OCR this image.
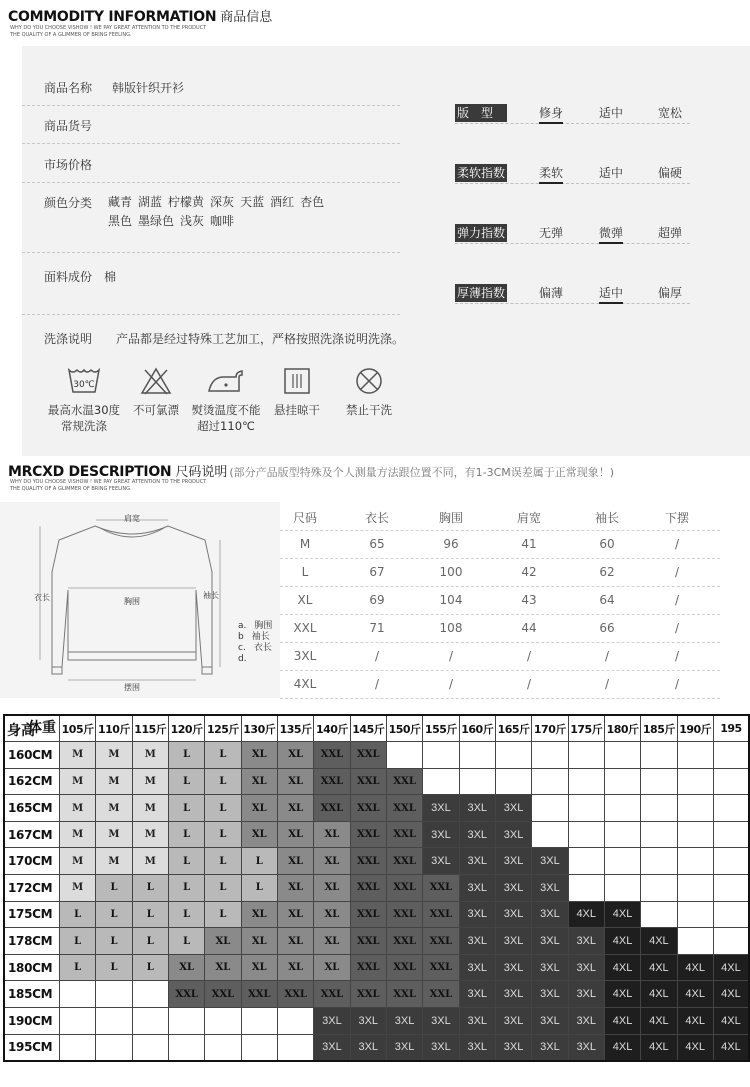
COMMODITY INFORMATION 商品信息
WHY DO YOU CHOOSE VISHOW ! WE PAY GREAT ATTENTION TO THE PRODUCT
THE QUALITY OF A GLIMMER OF BRING FEELING.
商品名称 韩版针织开衫
商品货号
市场价格
颜色分类 藏青 湖蓝 柠檬黄 深灰 天蓝 酒红 杏色
黑色 墨绿色 浅灰 咖啡
面料成份 棉
版　型	修身	适中	宽松
柔软指数	柔软	适中	偏硬
弹力指数	无弹	微弹	超弹
厚薄指数	偏薄	适中	偏厚
洗涤说明 产品都是经过特殊工艺加工，严格按照洗涤说明洗涤。
30℃
最高水温30度
常规洗涤
不可氯漂	熨烫温度不能
超过110℃
悬挂晾干	禁止干洗
MRCXD DESCRIPTION 尺码说明 (部分产品版型特殊及个人测量方法跟位置不同，有1-3CM误差属于正常现象！)
WHY DO YOU CHOOSE VISHOW ! WE PAY GREAT ATTENTION TO THE PRODUCT
THE QUALITY OF A GLIMMER OF BRING FEELING.
肩宽
衣长	胸围
袖长
摆围
a. 胸围
b 袖长
c. 衣长
d.
尺码	衣长	胸围	肩宽	袖长	下摆
M	65	96	41	60	/
L	67	100	42	62	/
XL	69	104	43	64	/
XXL	71	108	44	66	/
3XL	/	/	/	/	/
4XL	/	/	/	/	/
体重
身高	105斤	110斤	115斤	120斤	125斤	130斤	135斤	140斤	145斤	150斤	155斤	160斤	165斤	170斤	175斤	180斤	185斤	190斤	195
160CM	M	M	M	L	L	XL	XL	XXL	XXL										
162CM	M	M	M	L	L	XL	XL	XXL	XXL	XXL									
165CM	M	M	M	L	L	XL	XL	XXL	XXL	XXL	3XL	3XL	3XL						
167CM	M	M	M	L	L	XL	XL	XL	XXL	XXL	3XL	3XL	3XL						
170CM	M	M	M	L	L	L	XL	XL	XXL	XXL	3XL	3XL	3XL	3XL					
172CM	M	L	L	L	L	L	XL	XL	XXL	XXL	XXL	3XL	3XL	3XL					
175CM	L	L	L	L	L	XL	XL	XL	XXL	XXL	XXL	3XL	3XL	3XL	4XL	4XL			
178CM	L	L	L	L	XL	XL	XL	XL	XXL	XXL	XXL	3XL	3XL	3XL	3XL	4XL	4XL		
180CM	L	L	L	XL	XL	XL	XL	XL	XXL	XXL	XXL	3XL	3XL	3XL	3XL	4XL	4XL	4XL	4XL
185CM				XXL	XXL	XXL	XXL	XXL	XXL	XXL	XXL	3XL	3XL	3XL	3XL	4XL	4XL	4XL	4XL
190CM								3XL	3XL	3XL	3XL	3XL	3XL	3XL	3XL	4XL	4XL	4XL	4XL
195CM								3XL	3XL	3XL	3XL	3XL	3XL	3XL	3XL	4XL	4XL	4XL	4XL
